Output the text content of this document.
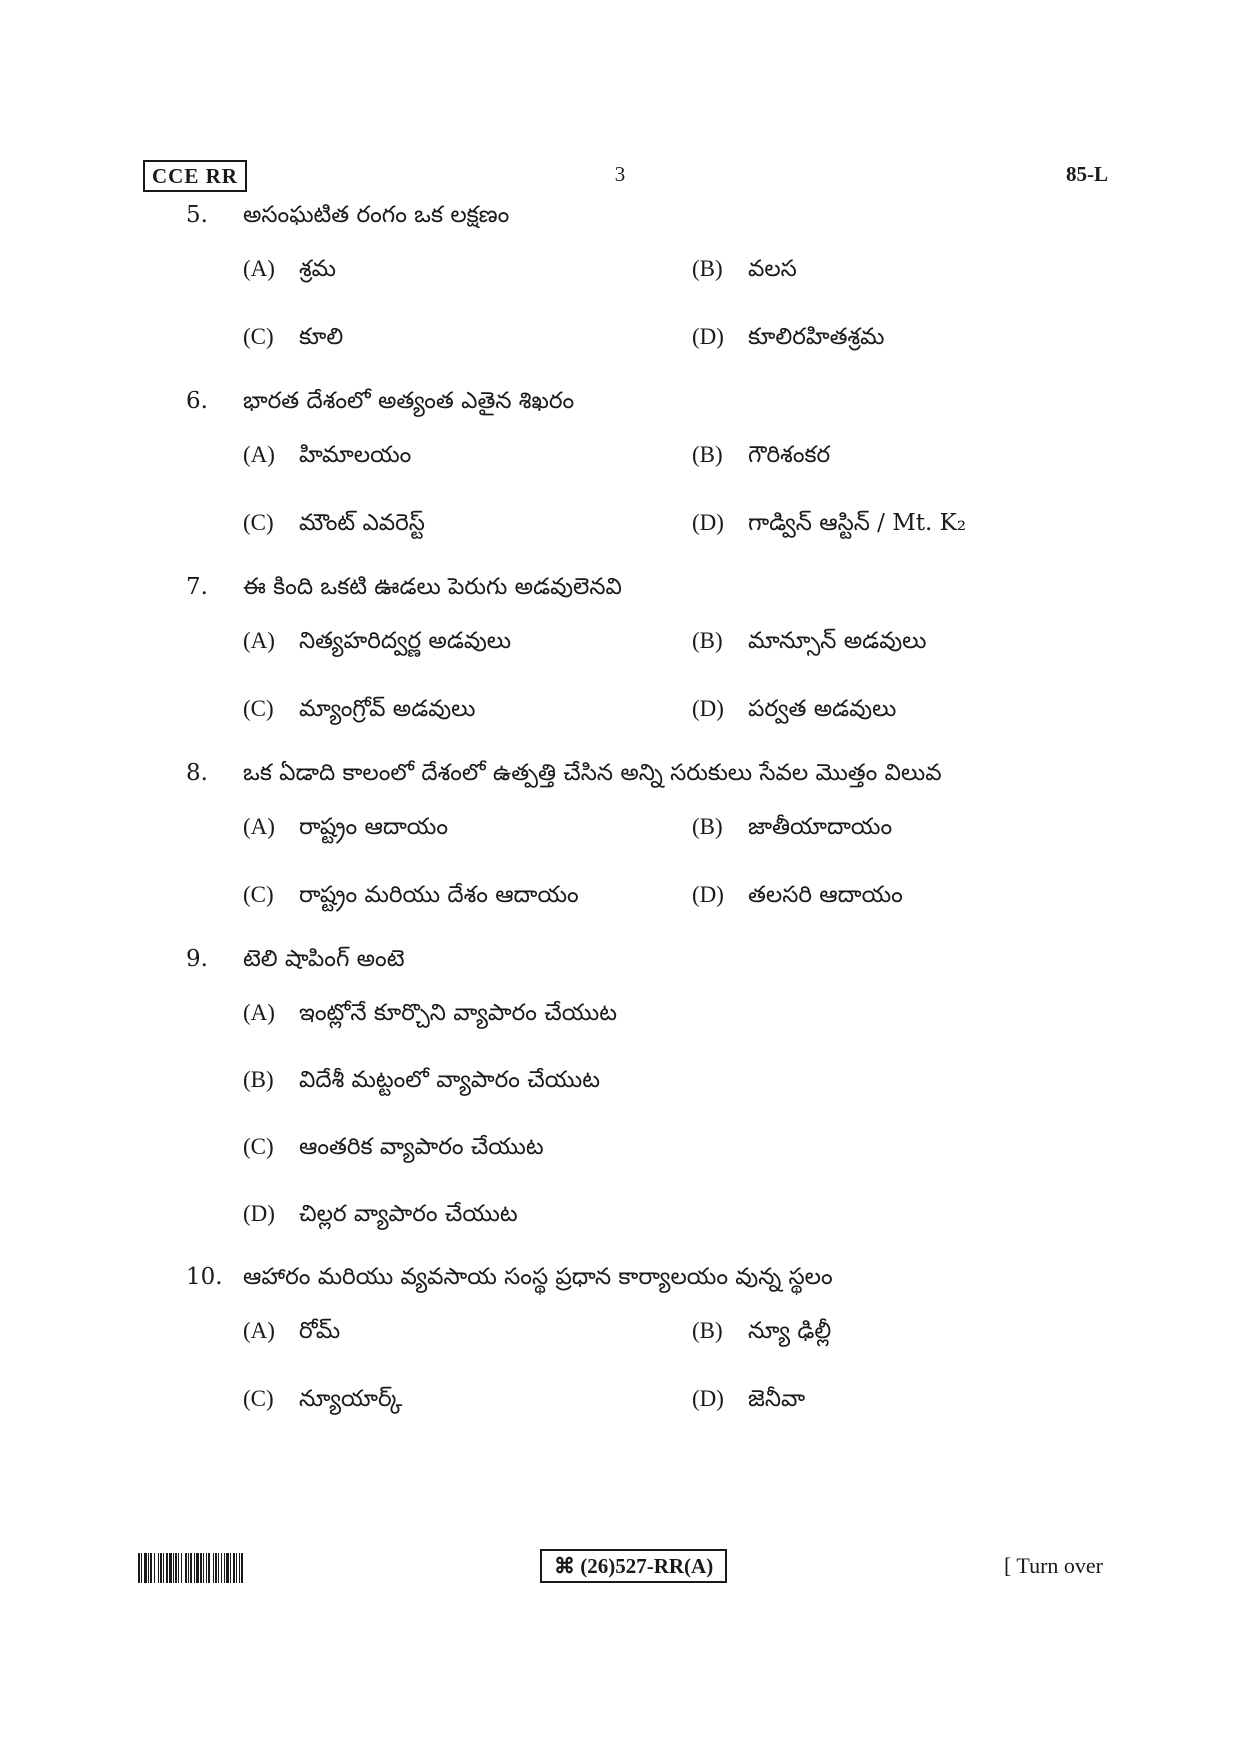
CCE RR	3	85-L
5.	అసంఘటిత రంగం ఒక లక్షణం
(A) శ్రమ	(B) వలస
(C) కూలి	(D) కూలిరహితశ్రమ
6.	భారత దేశంలో అత్యంత ఎతైన శిఖరం
(A) హిమాలయం	(B) గౌరిశంకర
(C) మౌంట్ ఎవరెస్ట్	(D) గాడ్విన్ ఆస్టిన్ / Mt. K₂
7.	ఈ కింది ఒకటి ఊడలు పెరుగు అడవులెనవి
(A) నిత్యహరిద్వర్ణ అడవులు	(B) మాన్సూన్ అడవులు
(C) మ్యాంగ్రోవ్ అడవులు	(D) పర్వత అడవులు
8.	ఒక ఏడాది కాలంలో దేశంలో ఉత్పత్తి చేసిన అన్ని సరుకులు సేవల మొత్తం విలువ
(A) రాష్ట్రం ఆదాయం	(B) జాతీయాదాయం
(C) రాష్ట్రం మరియు దేశం ఆదాయం	(D) తలసరి ఆదాయం
9.	టెలి షాపింగ్ అంటె
(A) ఇంట్లోనే కూర్చొని వ్యాపారం చేయుట
(B) విదేశీ మట్టంలో వ్యాపారం చేయుట
(C) ఆంతరిక వ్యాపారం చేయుట
(D) చిల్లర వ్యాపారం చేయుట
10. ఆహారం మరియు వ్యవసాయ సంస్థ ప్రధాన కార్యాలయం వున్న స్థలం
(A) రోమ్	(B) న్యూ ఢిల్లీ
(C) న్యూయార్క్	(D) జెనీవా
⌘ (26)527-RR(A)	[ Turn over
